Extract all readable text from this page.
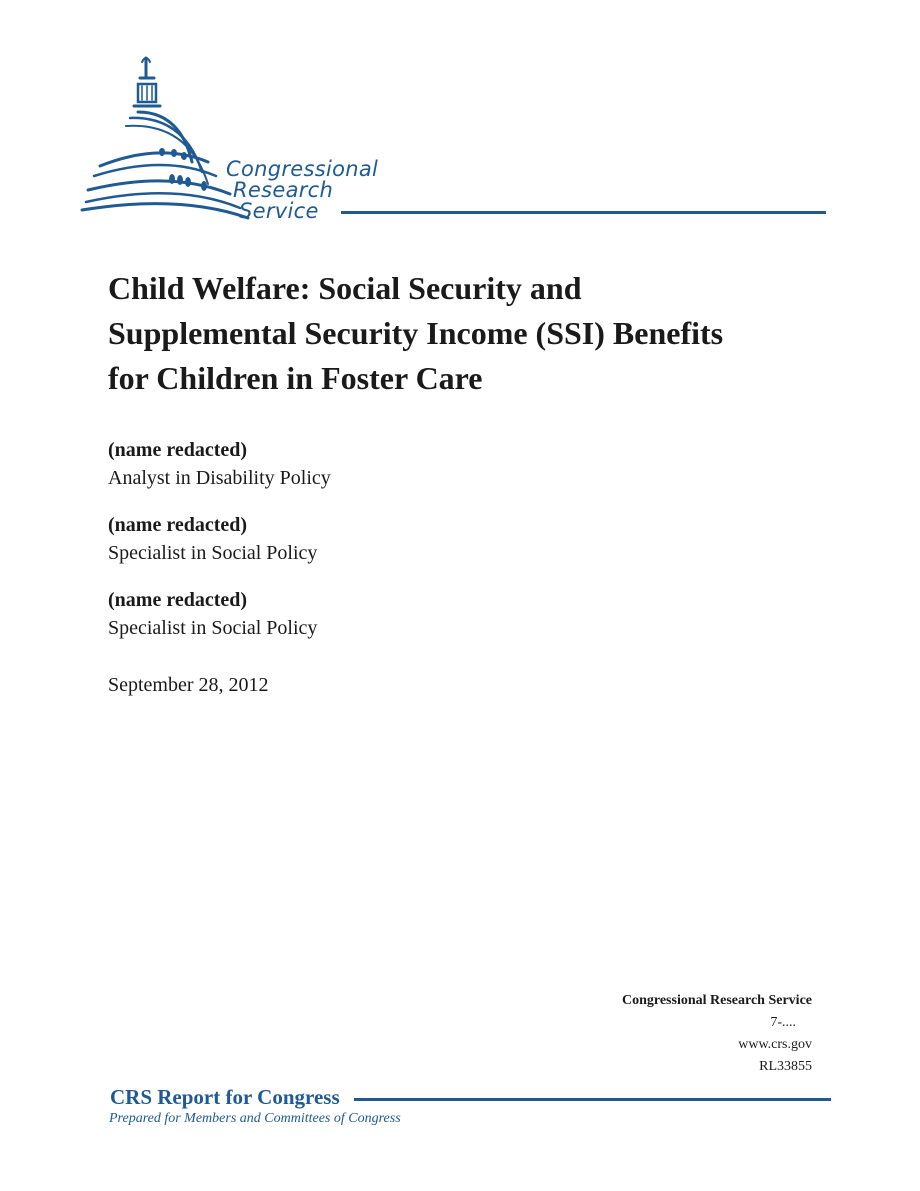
Congressional
Research
Service
Child Welfare: Social Security and
Supplemental Security Income (SSI) Benefits
for Children in Foster Care
(name redacted)
Analyst in Disability Policy
(name redacted)
Specialist in Social Policy
(name redacted)
Specialist in Social Policy
September 28, 2012
Congressional Research Service
7-....
www.crs.gov
RL33855
CRS Report for Congress
Prepared for Members and Committees of Congress
